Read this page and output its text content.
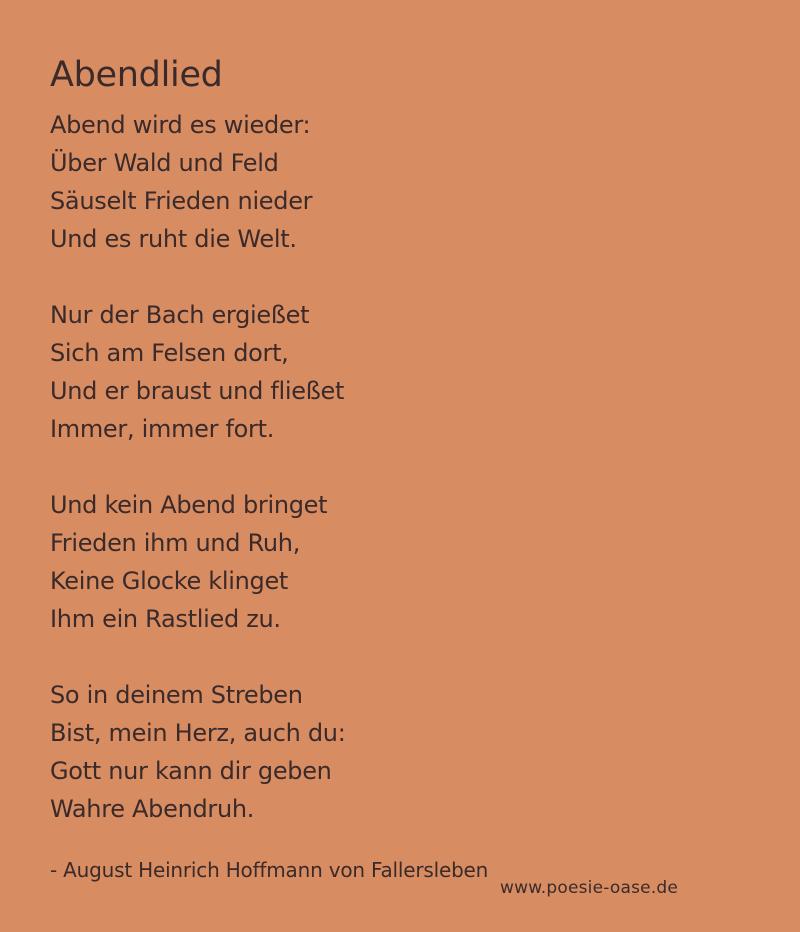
Abendlied
Abend wird es wieder:
Über Wald und Feld
Säuselt Frieden nieder
Und es ruht die Welt.
Nur der Bach ergießet
Sich am Felsen dort,
Und er braust und fließet
Immer, immer fort.
Und kein Abend bringet
Frieden ihm und Ruh,
Keine Glocke klinget
Ihm ein Rastlied zu.
So in deinem Streben
Bist, mein Herz, auch du:
Gott nur kann dir geben
Wahre Abendruh.

- August Heinrich Hoffmann von Fallersleben

www.poesie-oase.de
